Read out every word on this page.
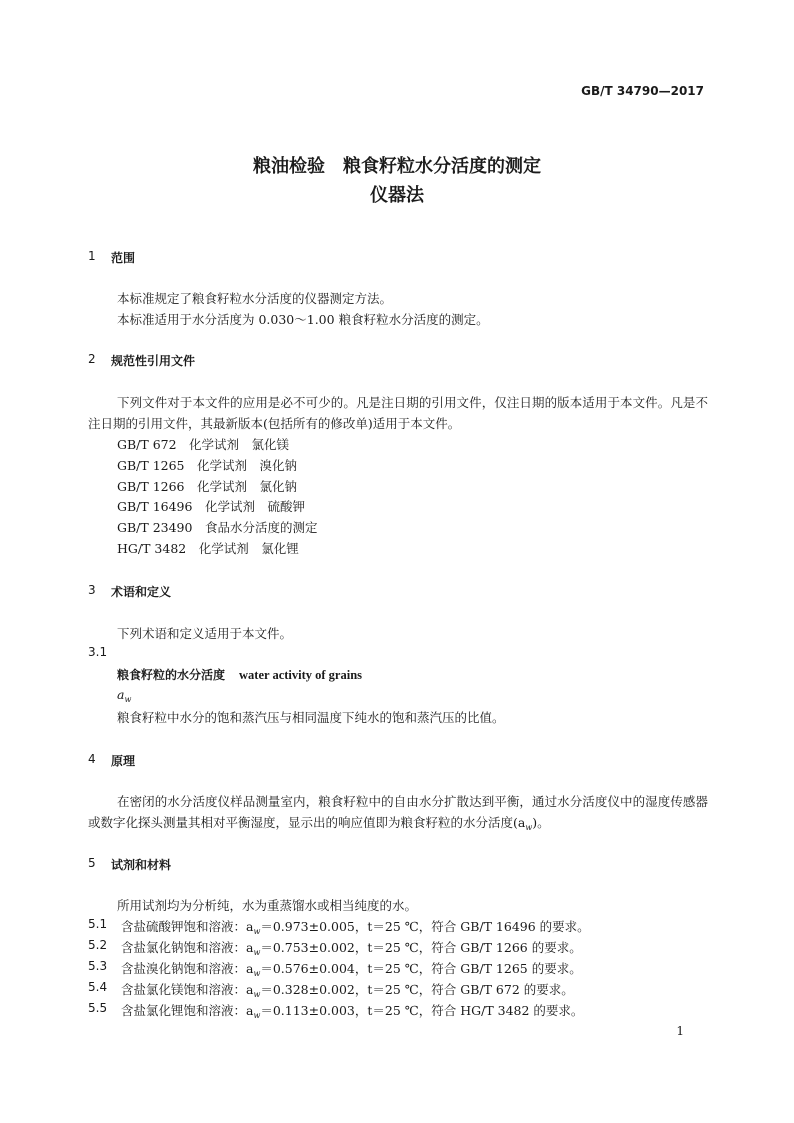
GB/T 34790—2017
粮油检验　粮食籽粒水分活度的测定
仪器法
1 范围
本标准规定了粮食籽粒水分活度的仪器测定方法。
本标准适用于水分活度为 0.030～1.00 粮食籽粒水分活度的测定。
2 规范性引用文件
下列文件对于本文件的应用是必不可少的。凡是注日期的引用文件，仅注日期的版本适用于本文件。凡是不注日期的引用文件，其最新版本(包括所有的修改单)适用于本文件。
GB/T 672　化学试剂　氯化镁
GB/T 1265　化学试剂　溴化钠
GB/T 1266　化学试剂　氯化钠
GB/T 16496　化学试剂　硫酸钾
GB/T 23490　食品水分活度的测定
HG/T 3482　化学试剂　氯化锂
3 术语和定义
下列术语和定义适用于本文件。
3.1
粮食籽粒的水分活度 water activity of grains
$a_w$
粮食籽粒中水分的饱和蒸汽压与相同温度下纯水的饱和蒸汽压的比值。
4 原理
在密闭的水分活度仪样品测量室内，粮食籽粒中的自由水分扩散达到平衡，通过水分活度仪中的湿度传感器或数字化探头测量其相对平衡湿度，显示出的响应值即为粮食籽粒的水分活度$(a_w)$。
5 试剂和材料
所用试剂均为分析纯，水为重蒸馏水或相当纯度的水。
5.1 含盐硫酸钾饱和溶液：$a_w=0.973\pm 0.005$，t＝25 ℃，符合 GB/T 16496 的要求。
5.2 含盐氯化钠饱和溶液：$a_w=0.753\pm 0.002$，t＝25 ℃，符合 GB/T 1266 的要求。
5.3 含盐溴化钠饱和溶液：$a_w=0.576\pm 0.004$，t＝25 ℃，符合 GB/T 1265 的要求。
5.4 含盐氯化镁饱和溶液：$a_w=0.328\pm 0.002$，t＝25 ℃，符合 GB/T 672 的要求。
5.5 含盐氯化锂饱和溶液：$a_w=0.113\pm 0.003$，t＝25 ℃，符合 HG/T 3482 的要求。
1
